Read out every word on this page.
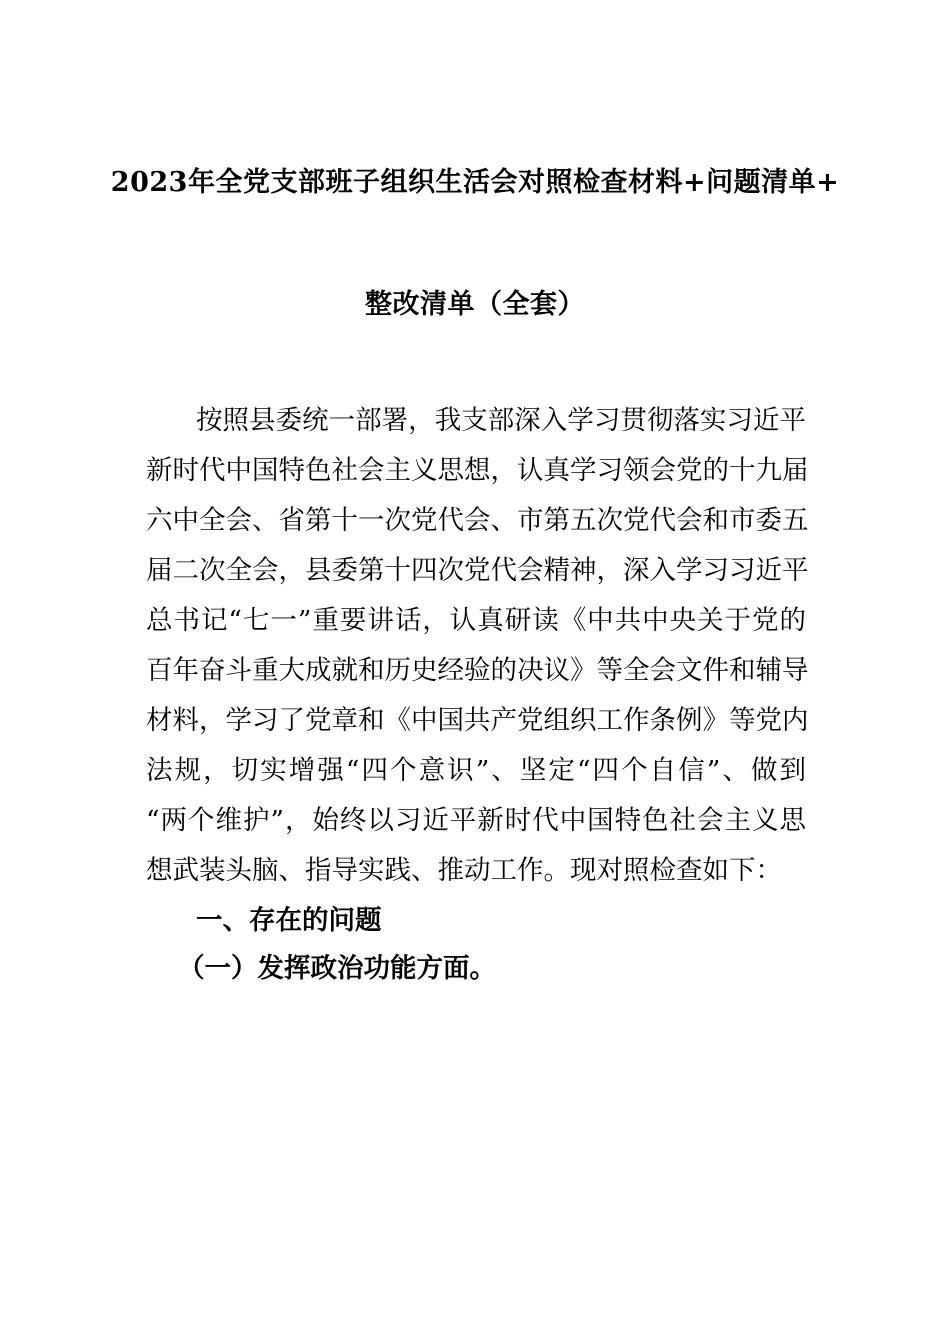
2023年全党支部班子组织生活会对照检查材料+问题清单+
整改清单（全套）
按照县委统一部署，我支部深入学习贯彻落实习近平
新时代中国特色社会主义思想，认真学习领会党的十九届
六中全会、省第十一次党代会、市第五次党代会和市委五
届二次全会，县委第十四次党代会精神，深入学习习近平
总书记“七一”重要讲话，认真研读《中共中央关于党的
百年奋斗重大成就和历史经验的决议》等全会文件和辅导
材料，学习了党章和《中国共产党组织工作条例》等党内
法规，切实增强“四个意识”、坚定“四个自信”、做到
“两个维护”，始终以习近平新时代中国特色社会主义思
想武装头脑、指导实践、推动工作。现对照检查如下：
一、存在的问题
（一）发挥政治功能方面。
